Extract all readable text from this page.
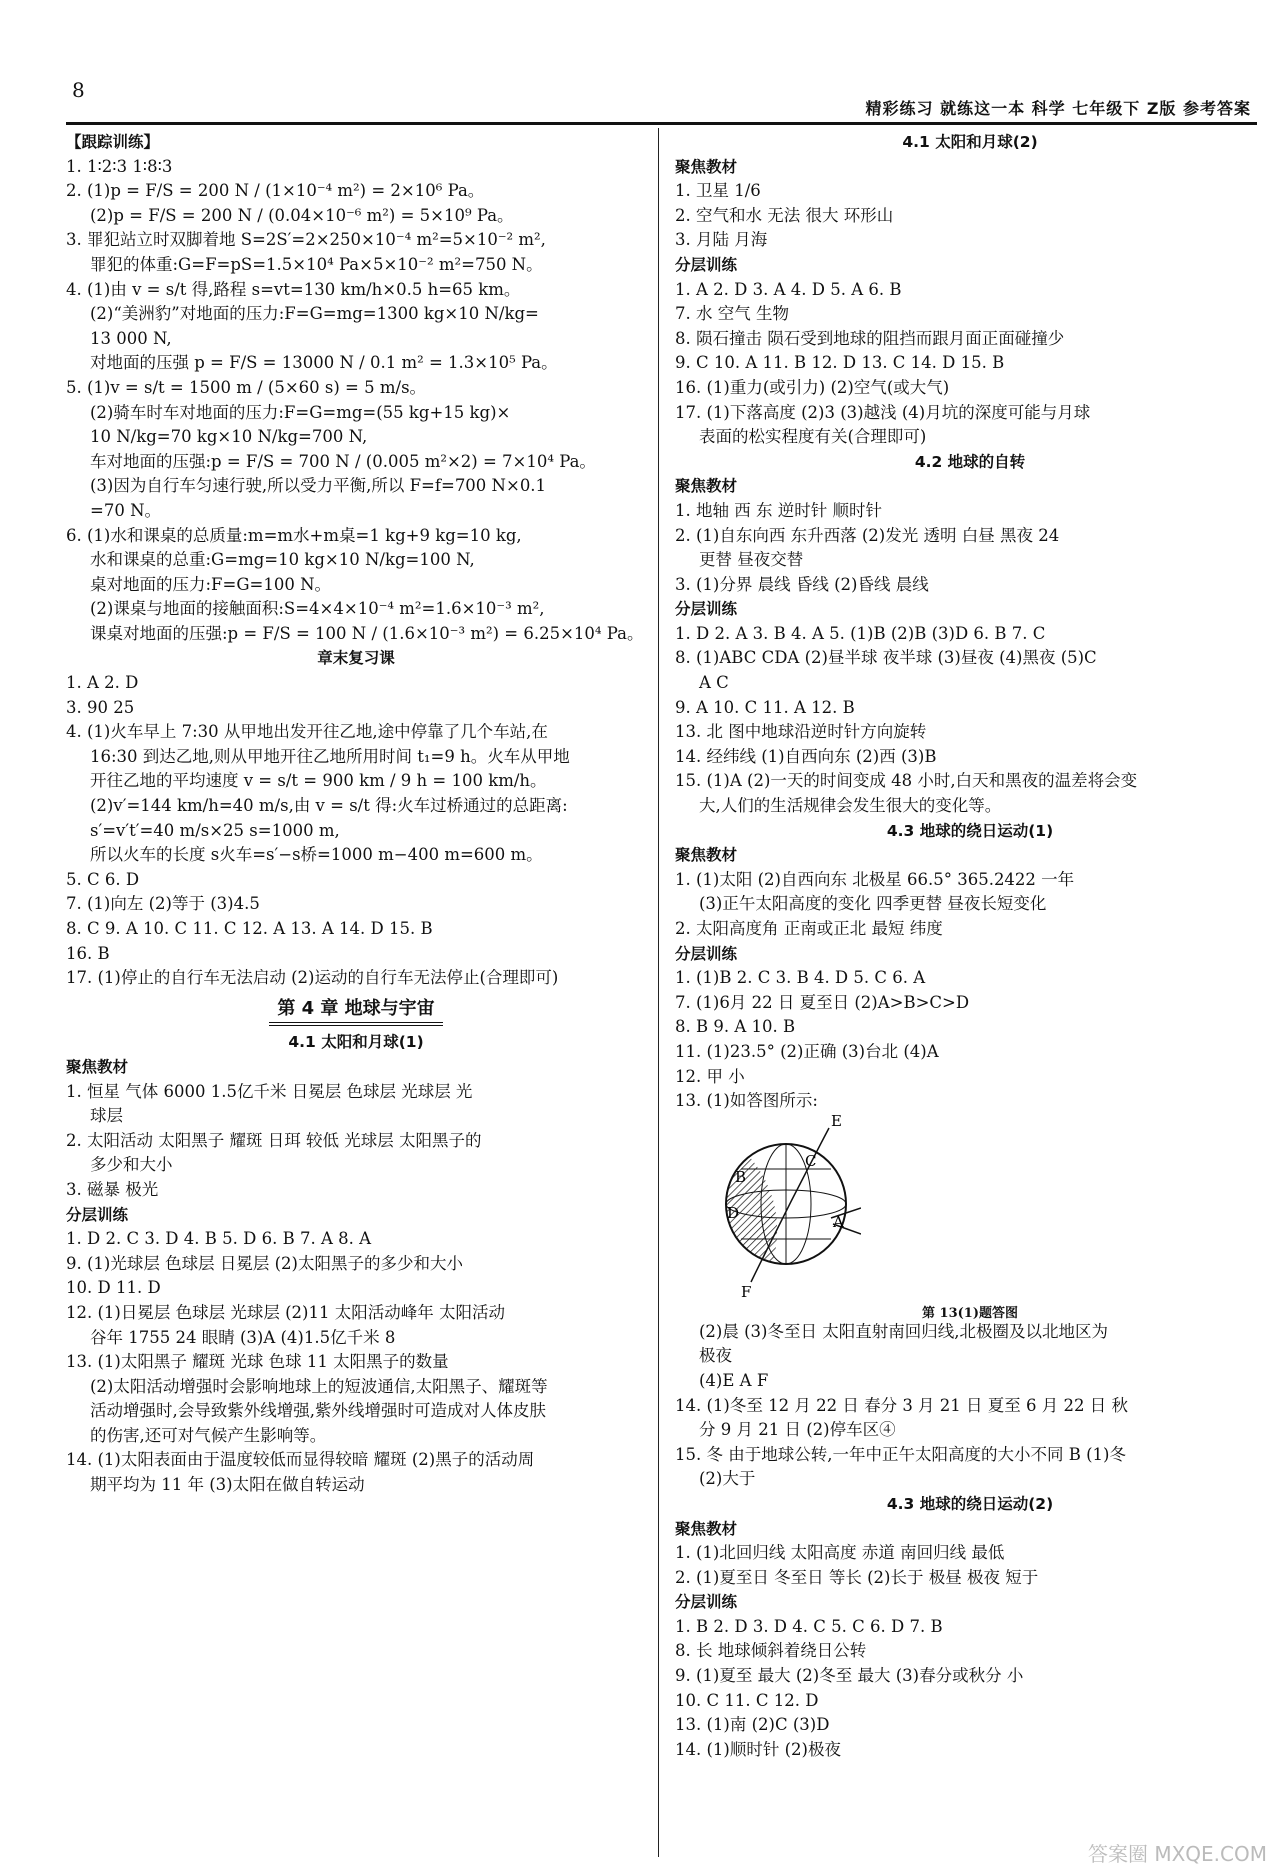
8
精彩练习 就练这一本 科学 七年级下 Z版 参考答案
【跟踪训练】
1. 1∶2∶3 1∶8∶3
2. (1)p = F/S = 200 N / (1×10⁻⁴ m²) = 2×10⁶ Pa。
(2)p = F/S = 200 N / (0.04×10⁻⁶ m²) = 5×10⁹ Pa。
3. 罪犯站立时双脚着地 S=2S′=2×250×10⁻⁴ m²=5×10⁻² m²,
罪犯的体重:G=F=pS=1.5×10⁴ Pa×5×10⁻² m²=750 N。
4. (1)由 v = s/t 得,路程 s=vt=130 km/h×0.5 h=65 km。
(2)“美洲豹”对地面的压力:F=G=mg=1300 kg×10 N/kg=
13 000 N,
对地面的压强 p = F/S = 13000 N / 0.1 m² = 1.3×10⁵ Pa。
5. (1)v = s/t = 1500 m / (5×60 s) = 5 m/s。
(2)骑车时车对地面的压力:F=G=mg=(55 kg+15 kg)×
10 N/kg=70 kg×10 N/kg=700 N,
车对地面的压强:p = F/S = 700 N / (0.005 m²×2) = 7×10⁴ Pa。
(3)因为自行车匀速行驶,所以受力平衡,所以 F=f=700 N×0.1
=70 N。
6. (1)水和课桌的总质量:m=m水+m桌=1 kg+9 kg=10 kg,
水和课桌的总重:G=mg=10 kg×10 N/kg=100 N,
桌对地面的压力:F=G=100 N。
(2)课桌与地面的接触面积:S=4×4×10⁻⁴ m²=1.6×10⁻³ m²,
课桌对地面的压强:p = F/S = 100 N / (1.6×10⁻³ m²) = 6.25×10⁴ Pa。
章末复习课
1. A 2. D
3. 90 25
4. (1)火车早上 7:30 从甲地出发开往乙地,途中停靠了几个车站,在
16:30 到达乙地,则从甲地开往乙地所用时间 t₁=9 h。火车从甲地
开往乙地的平均速度 v = s/t = 900 km / 9 h = 100 km/h。
(2)v′=144 km/h=40 m/s,由 v = s/t 得:火车过桥通过的总距离:
s′=v′t′=40 m/s×25 s=1000 m,
所以火车的长度 s火车=s′−s桥=1000 m−400 m=600 m。
5. C 6. D
7. (1)向左 (2)等于 (3)4.5
8. C 9. A 10. C 11. C 12. A 13. A 14. D 15. B
16. B
17. (1)停止的自行车无法启动 (2)运动的自行车无法停止(合理即可)
第 4 章 地球与宇宙
4.1 太阳和月球(1)
聚焦教材
1. 恒星 气体 6000 1.5亿千米 日冕层 色球层 光球层 光
球层
2. 太阳活动 太阳黑子 耀斑 日珥 较低 光球层 太阳黑子的
多少和大小
3. 磁暴 极光
分层训练
1. D 2. C 3. D 4. B 5. D 6. B 7. A 8. A
9. (1)光球层 色球层 日冕层 (2)太阳黑子的多少和大小
10. D 11. D
12. (1)日冕层 色球层 光球层 (2)11 太阳活动峰年 太阳活动
谷年 1755 24 眼睛 (3)A (4)1.5亿千米 8
13. (1)太阳黑子 耀斑 光球 色球 11 太阳黑子的数量
(2)太阳活动增强时会影响地球上的短波通信,太阳黑子、耀斑等
活动增强时,会导致紫外线增强,紫外线增强时可造成对人体皮肤
的伤害,还可对气候产生影响等。
14. (1)太阳表面由于温度较低而显得较暗 耀斑 (2)黑子的活动周
期平均为 11 年 (3)太阳在做自转运动
4.1 太阳和月球(2)
聚焦教材
1. 卫星 1/6
2. 空气和水 无法 很大 环形山
3. 月陆 月海
分层训练
1. A 2. D 3. A 4. D 5. A 6. B
7. 水 空气 生物
8. 陨石撞击 陨石受到地球的阻挡而跟月面正面碰撞少
9. C 10. A 11. B 12. D 13. C 14. D 15. B
16. (1)重力(或引力) (2)空气(或大气)
17. (1)下落高度 (2)3 (3)越浅 (4)月坑的深度可能与月球
表面的松实程度有关(合理即可)
4.2 地球的自转
聚焦教材
1. 地轴 西 东 逆时针 顺时针
2. (1)自东向西 东升西落 (2)发光 透明 白昼 黑夜 24
更替 昼夜交替
3. (1)分界 晨线 昏线 (2)昏线 晨线
分层训练
1. D 2. A 3. B 4. A 5. (1)B (2)B (3)D 6. B 7. C
8. (1)ABC CDA (2)昼半球 夜半球 (3)昼夜 (4)黑夜 (5)C
A C
9. A 10. C 11. A 12. B
13. 北 图中地球沿逆时针方向旋转
14. 经纬线 (1)自西向东 (2)西 (3)B
15. (1)A (2)一天的时间变成 48 小时,白天和黑夜的温差将会变
大,人们的生活规律会发生很大的变化等。
4.3 地球的绕日运动(1)
聚焦教材
1. (1)太阳 (2)自西向东 北极星 66.5° 365.2422 一年
(3)正午太阳高度的变化 四季更替 昼夜长短变化
2. 太阳高度角 正南或正北 最短 纬度
分层训练
1. (1)B 2. C 3. B 4. D 5. C 6. A
7. (1)6月 22 日 夏至日 (2)A>B>C>D
8. B 9. A 10. B
11. (1)23.5° (2)正确 (3)台北 (4)A
12. 甲 小
13. (1)如答图所示:
E
C
B
D	A
F
第 13(1)题答图
(2)晨 (3)冬至日 太阳直射南回归线,北极圈及以北地区为
极夜
(4)E A F
14. (1)冬至 12 月 22 日 春分 3 月 21 日 夏至 6 月 22 日 秋
分 9 月 21 日 (2)停车区④
15. 冬 由于地球公转,一年中正午太阳高度的大小不同 B (1)冬
(2)大于
4.3 地球的绕日运动(2)
聚焦教材
1. (1)北回归线 太阳高度 赤道 南回归线 最低
2. (1)夏至日 冬至日 等长 (2)长于 极昼 极夜 短于
分层训练
1. B 2. D 3. D 4. C 5. C 6. D 7. B
8. 长 地球倾斜着绕日公转
9. (1)夏至 最大 (2)冬至 最大 (3)春分或秋分 小
10. C 11. C 12. D
13. (1)南 (2)C (3)D
14. (1)顺时针 (2)极夜
答案圈 MXQE.COM
